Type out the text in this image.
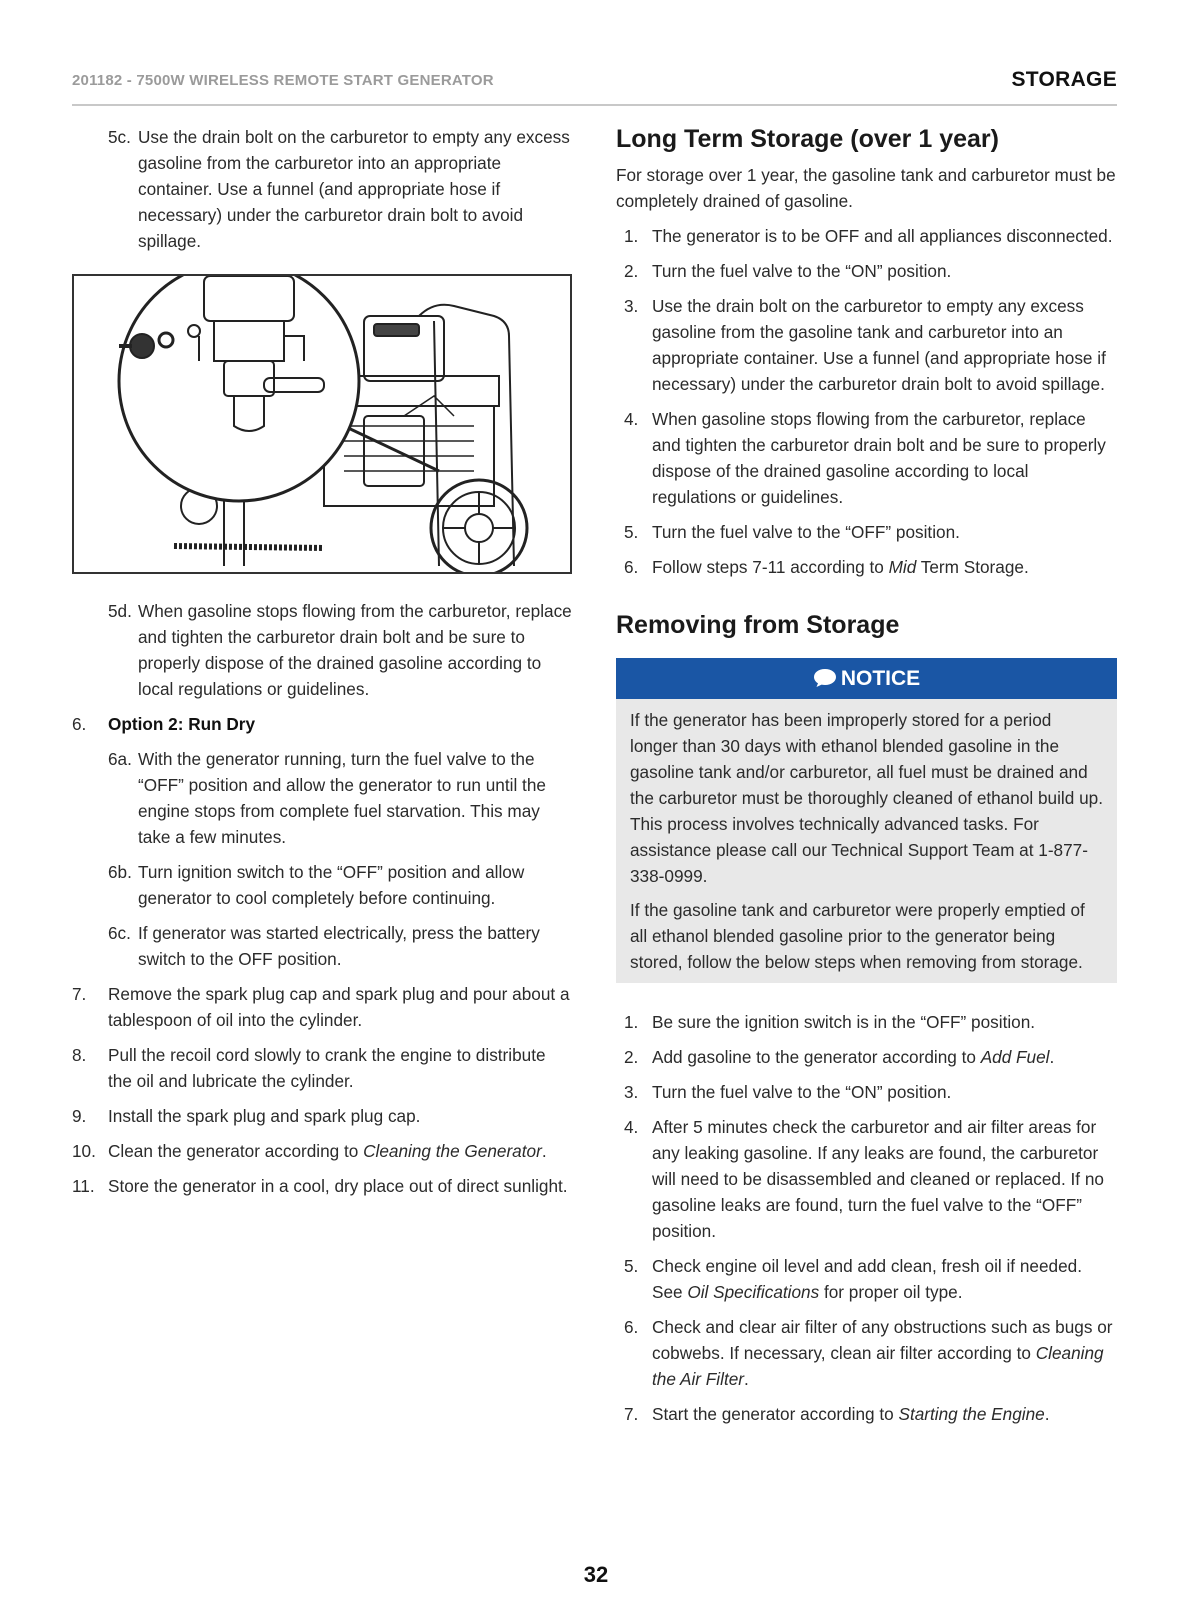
201182 - 7500W WIRELESS REMOTE START GENERATOR	STORAGE
5c. Use the drain bolt on the carburetor to empty any excess gasoline from the carburetor into an appropriate container. Use a funnel (and appropriate hose if necessary) under the carburetor drain bolt to avoid spillage.
5d. When gasoline stops flowing from the carburetor, replace and tighten the carburetor drain bolt and be sure to properly dispose of the drained gasoline according to local regulations or guidelines.
6. Option 2: Run Dry
6a. With the generator running, turn the fuel valve to the “OFF” position and allow the generator to run until the engine stops from complete fuel starvation. This may take a few minutes.
6b. Turn ignition switch to the “OFF” position and allow generator to cool completely before continuing.
6c. If generator was started electrically, press the battery switch to the OFF position.
7. Remove the spark plug cap and spark plug and pour about a tablespoon of oil into the cylinder.
8. Pull the recoil cord slowly to crank the engine to distribute the oil and lubricate the cylinder.
9. Install the spark plug and spark plug cap.
10. Clean the generator according to Cleaning the Generator.
11. Store the generator in a cool, dry place out of direct sunlight.
Long Term Storage (over 1 year)

For storage over 1 year, the gasoline tank and carburetor must be completely drained of gasoline.

1. The generator is to be OFF and all appliances disconnected.
2. Turn the fuel valve to the “ON” position.
3. Use the drain bolt on the carburetor to empty any excess gasoline from the gasoline tank and carburetor into an appropriate container. Use a funnel (and appropriate hose if necessary) under the carburetor drain bolt to avoid spillage.
4. When gasoline stops flowing from the carburetor, replace and tighten the carburetor drain bolt and be sure to properly dispose of the drained gasoline according to local regulations or guidelines.
5. Turn the fuel valve to the “OFF” position.
6. Follow steps 7-11 according to Mid Term Storage.
Removing from Storage
NOTICE

If the generator has been improperly stored for a period longer than 30 days with ethanol blended gasoline in the gasoline tank and/or carburetor, all fuel must be drained and the carburetor must be thoroughly cleaned of ethanol build up. This process involves technically advanced tasks. For assistance please call our Technical Support Team at 1-877-338-0999.

If the gasoline tank and carburetor were properly emptied of all ethanol blended gasoline prior to the generator being stored, follow the below steps when removing from storage.

1. Be sure the ignition switch is in the “OFF” position.
2. Add gasoline to the generator according to Add Fuel.
3. Turn the fuel valve to the “ON” position.
4. After 5 minutes check the carburetor and air filter areas for any leaking gasoline. If any leaks are found, the carburetor will need to be disassembled and cleaned or replaced. If no gasoline leaks are found, turn the fuel valve to the “OFF” position.
5. Check engine oil level and add clean, fresh oil if needed. See Oil Specifications for proper oil type.
6. Check and clear air filter of any obstructions such as bugs or cobwebs. If necessary, clean air filter according to Cleaning the Air Filter.
7. Start the generator according to Starting the Engine.
32
